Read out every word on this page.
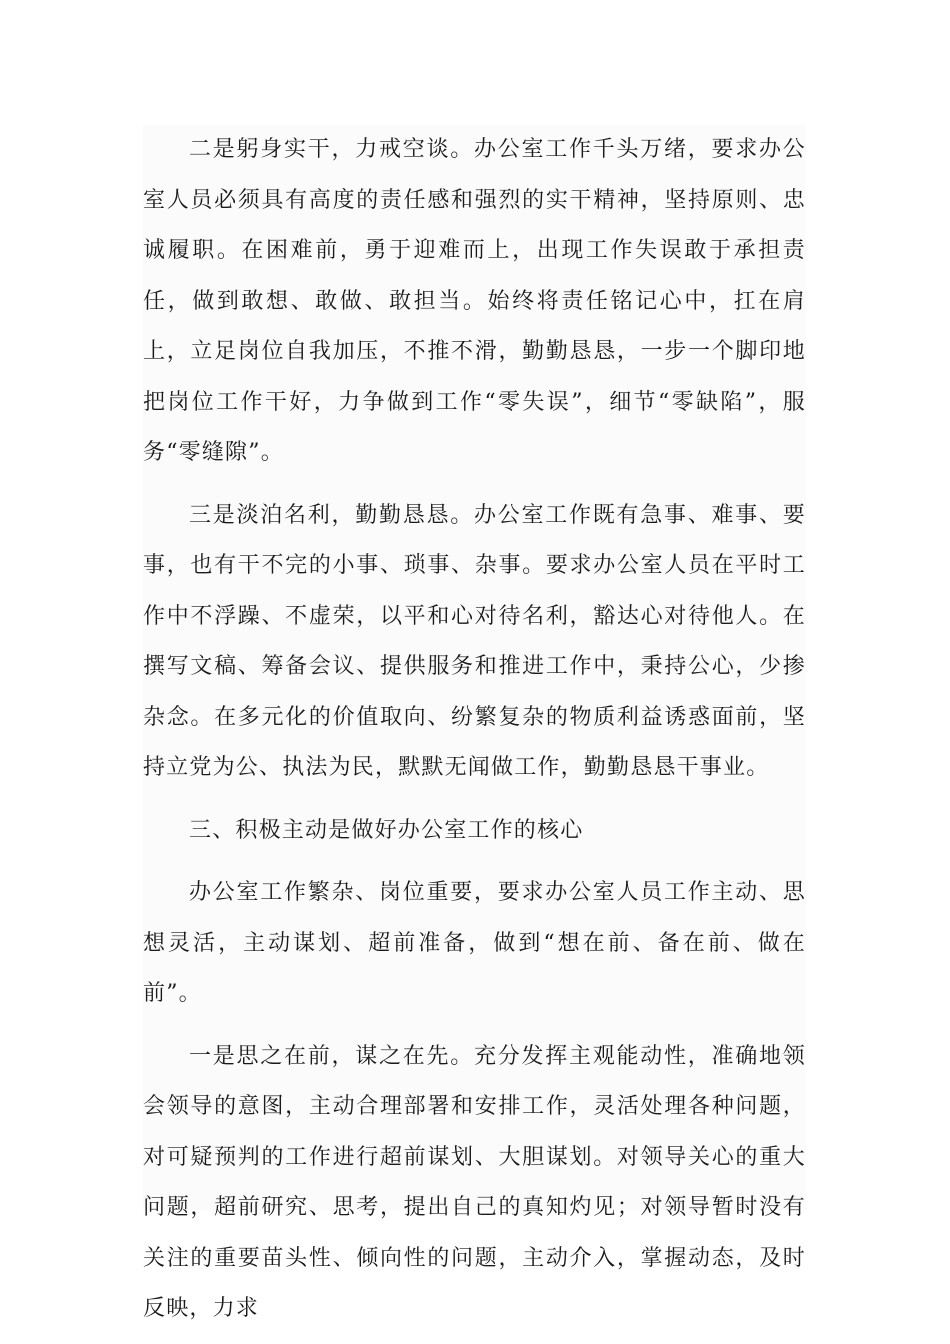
二是躬身实干，力戒空谈。办公室工作千头万绪，要求办公室人员必须具有高度的责任感和强烈的实干精神，坚持原则、忠诚履职。在困难前，勇于迎难而上，出现工作失误敢于承担责任，做到敢想、敢做、敢担当。始终将责任铭记心中，扛在肩上，立足岗位自我加压，不推不滑，勤勤恳恳，一步一个脚印地把岗位工作干好，力争做到工作“零失误”，细节“零缺陷”，服务“零缝隙”。

三是淡泊名利，勤勤恳恳。办公室工作既有急事、难事、要事，也有干不完的小事、琐事、杂事。要求办公室人员在平时工作中不浮躁、不虚荣，以平和心对待名利，豁达心对待他人。在撰写文稿、筹备会议、提供服务和推进工作中，秉持公心，少掺杂念。在多元化的价值取向、纷繁复杂的物质利益诱惑面前，坚持立党为公、执法为民，默默无闻做工作，勤勤恳恳干事业。

三、积极主动是做好办公室工作的核心

办公室工作繁杂、岗位重要，要求办公室人员工作主动、思想灵活，主动谋划、超前准备，做到“想在前、备在前、做在前”。

一是思之在前，谋之在先。充分发挥主观能动性，准确地领会领导的意图，主动合理部署和安排工作，灵活处理各种问题，对可疑预判的工作进行超前谋划、大胆谋划。对领导关心的重大问题，超前研究、思考，提出自己的真知灼见；对领导暂时没有关注的重要苗头性、倾向性的问题，主动介入，掌握动态，及时反映，力求
